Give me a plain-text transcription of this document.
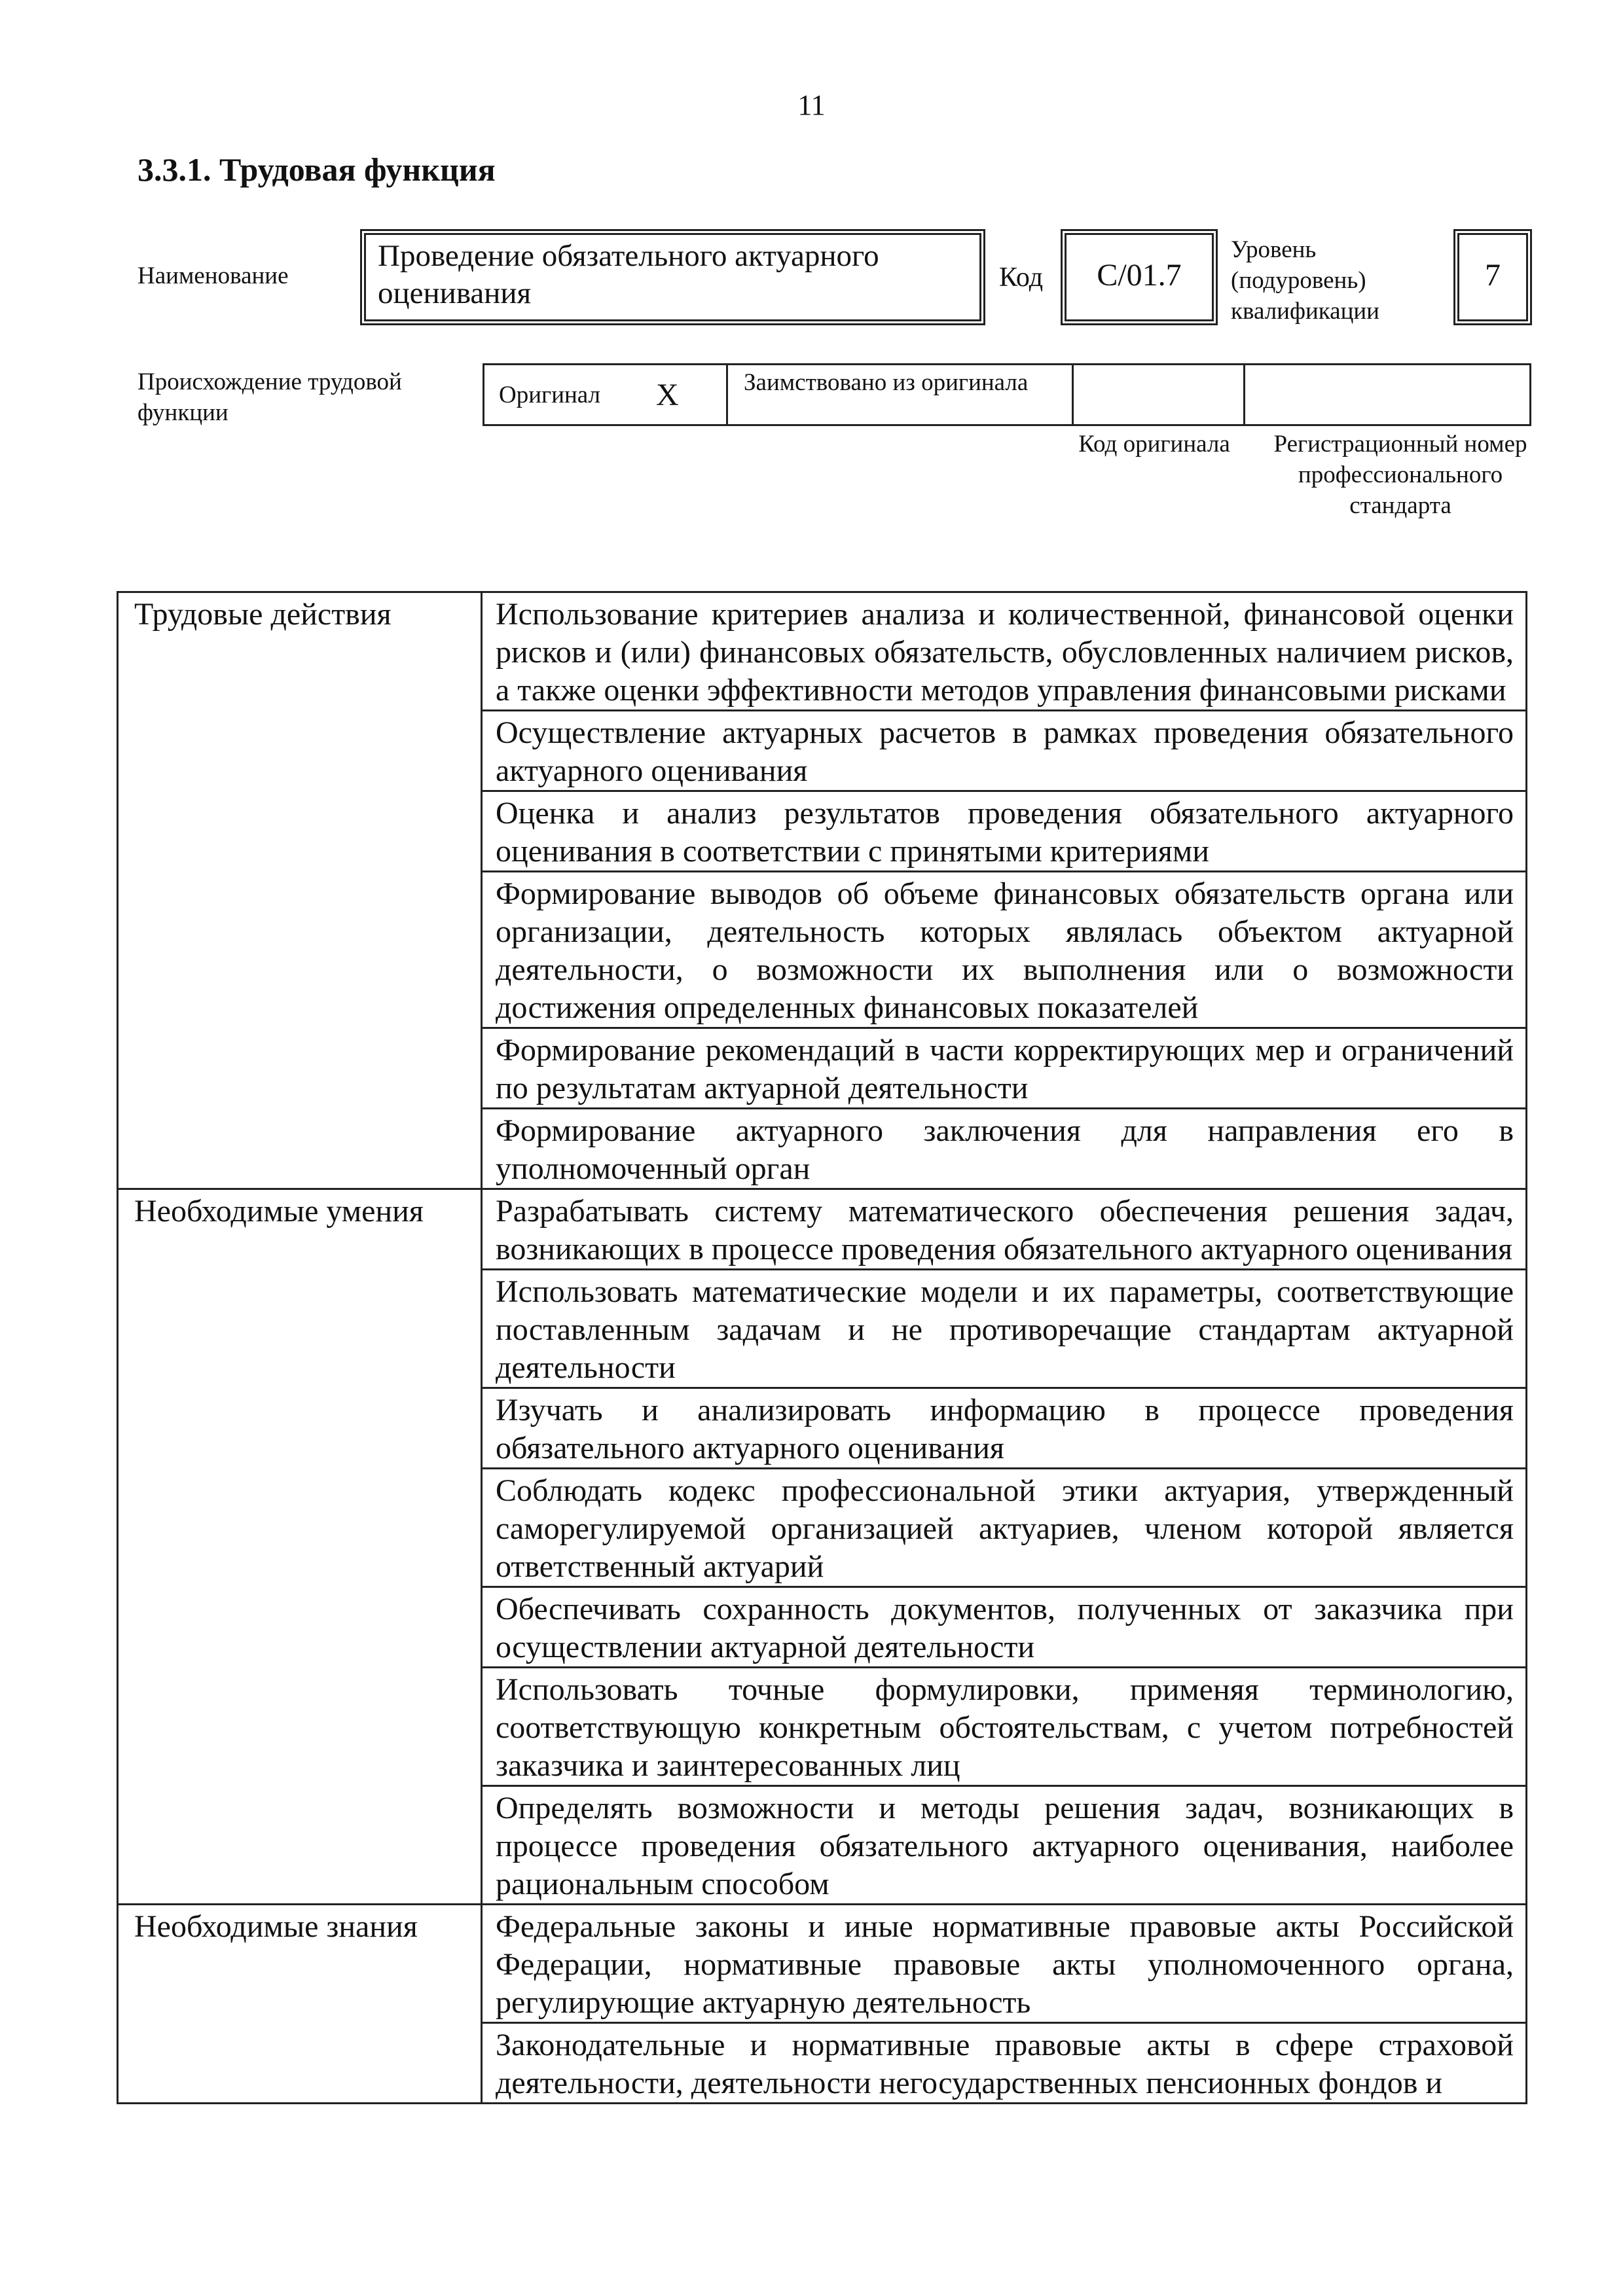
11
3.3.1. Трудовая функция
Наименование
Проведение обязательного актуарного оценивания	Код	С/01.7
Уровень (подуровень) квалификации
7
Происхождение трудовой функции
Оригинал X	Заимствовано из оригинала
Код оригинала	Регистрационный номер профессионального стандарта
Трудовые действия	Использование критериев анализа и количественной, финансовой оценки рисков и (или) финансовых обязательств, обусловленных наличием рисков, а также оценки эффективности методов управления финансовыми рисками
	Осуществление актуарных расчетов в рамках проведения обязательного актуарного оценивания
	Оценка и анализ результатов проведения обязательного актуарного оценивания в соответствии с принятыми критериями
	Формирование выводов об объеме финансовых обязательств органа или организации, деятельность которых являлась объектом актуарной деятельности, о возможности их выполнения или о возможности достижения определенных финансовых показателей
	Формирование рекомендаций в части корректирующих мер и ограничений по результатам актуарной деятельности
	Формирование актуарного заключения для направления его в уполномоченный орган
Необходимые умения	Разрабатывать систему математического обеспечения решения задач, возникающих в процессе проведения обязательного актуарного оценивания
	Использовать математические модели и их параметры, соответствующие поставленным задачам и не противоречащие стандартам актуарной деятельности
	Изучать и анализировать информацию в процессе проведения обязательного актуарного оценивания
	Соблюдать кодекс профессиональной этики актуария, утвержденный саморегулируемой организацией актуариев, членом которой является ответственный актуарий
	Обеспечивать сохранность документов, полученных от заказчика при осуществлении актуарной деятельности
	Использовать точные формулировки, применяя терминологию, соответствующую конкретным обстоятельствам, с учетом потребностей заказчика и заинтересованных лиц
	Определять возможности и методы решения задач, возникающих в процессе проведения обязательного актуарного оценивания, наиболее рациональным способом
Необходимые знания	Федеральные законы и иные нормативные правовые акты Российской Федерации, нормативные правовые акты уполномоченного органа, регулирующие актуарную деятельность
	Законодательные и нормативные правовые акты в сфере страховой деятельности, деятельности негосударственных пенсионных фондов и
